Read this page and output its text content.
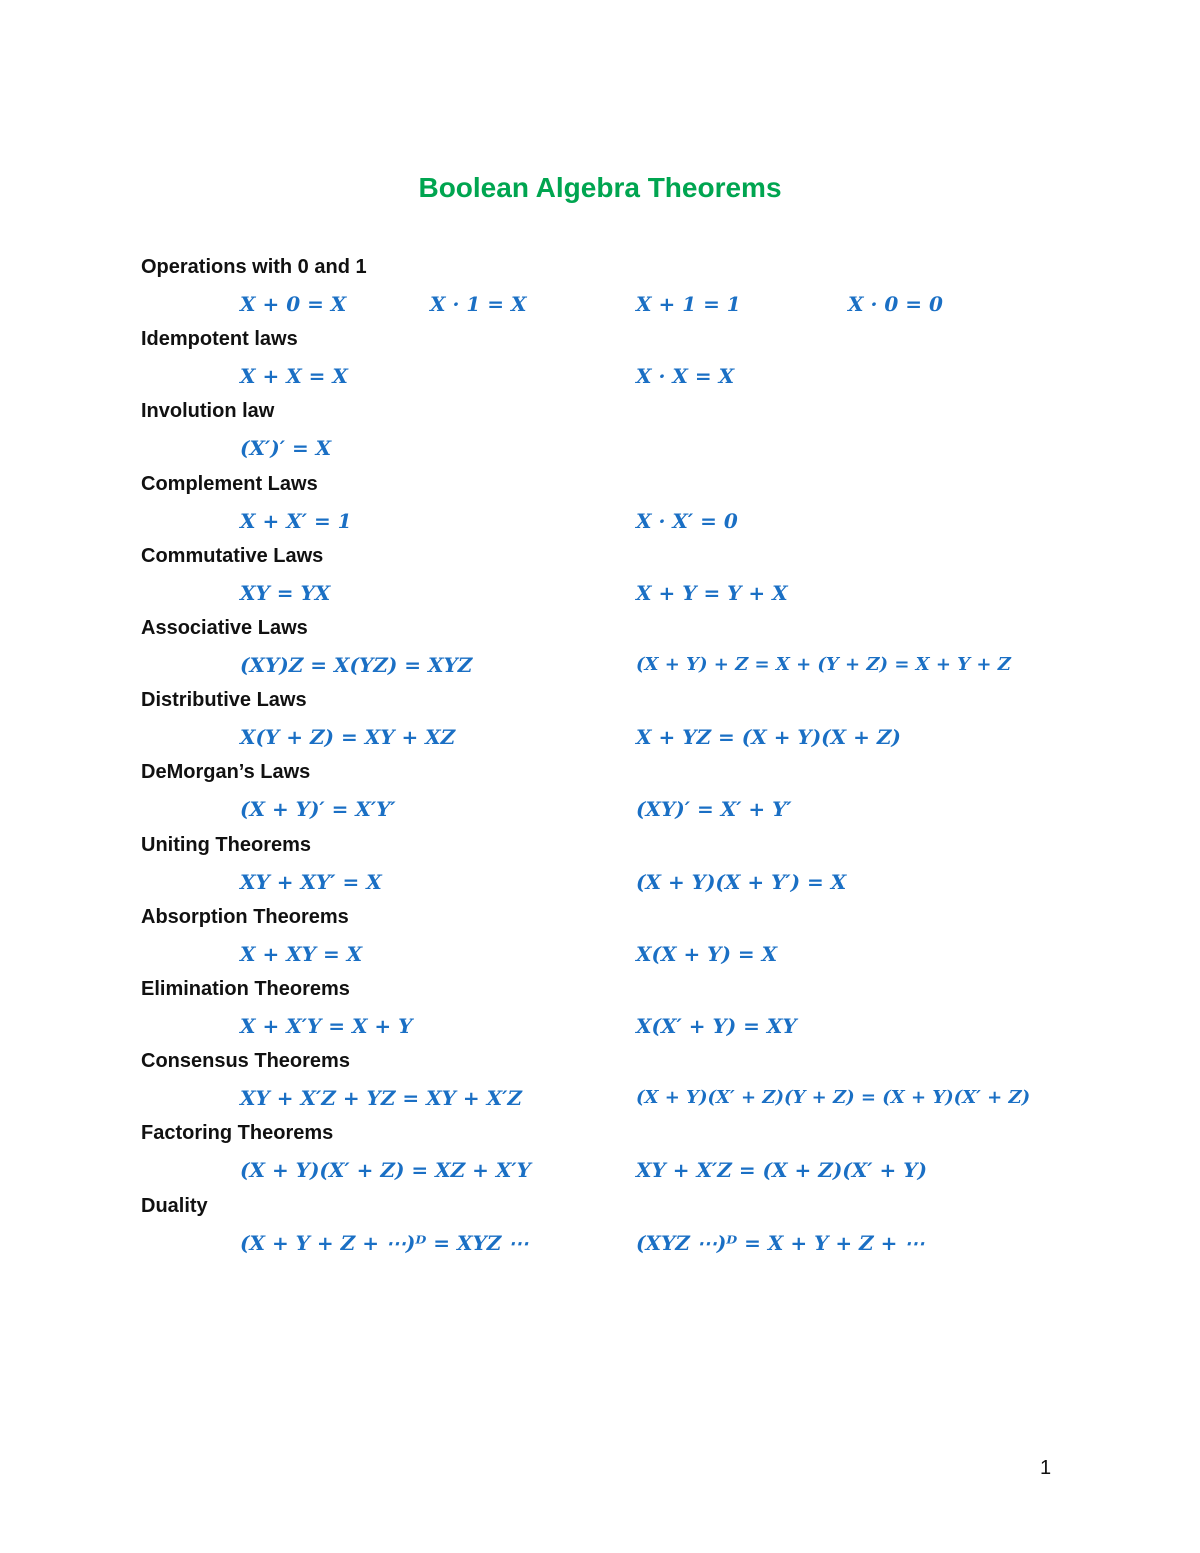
Boolean Algebra Theorems
Operations with 0 and 1
X + 0 = X	X · 1 = X	X + 1 = 1	X · 0 = 0
Idempotent laws
X + X = X	X · X = X
Involution law
(X′)′ = X
Complement Laws
X + X′ = 1	X · X′ = 0
Commutative Laws
XY = YX	X + Y = Y + X
Associative Laws
(XY)Z = X(YZ) = XYZ	(X + Y) + Z = X + (Y + Z) = X + Y + Z
Distributive Laws
X(Y + Z) = XY + XZ	X + YZ = (X + Y)(X + Z)
DeMorgan’s Laws
(X + Y)′ = X′Y′	(XY)′ = X′ + Y′
Uniting Theorems
XY + XY′ = X	(X + Y)(X + Y′) = X
Absorption Theorems
X + XY = X	X(X + Y) = X
Elimination Theorems
X + X′Y = X + Y	X(X′ + Y) = XY
Consensus Theorems
XY + X′Z + YZ = XY + X′Z	(X + Y)(X′ + Z)(Y + Z) = (X + Y)(X′ + Z)
Factoring Theorems
(X + Y)(X′ + Z) = XZ + X′Y	XY + X′Z = (X + Z)(X′ + Y)
Duality
(X + Y + Z + ⋯)ᴰ = XYZ ⋯	(XYZ ⋯)ᴰ = X + Y + Z + ⋯
1
